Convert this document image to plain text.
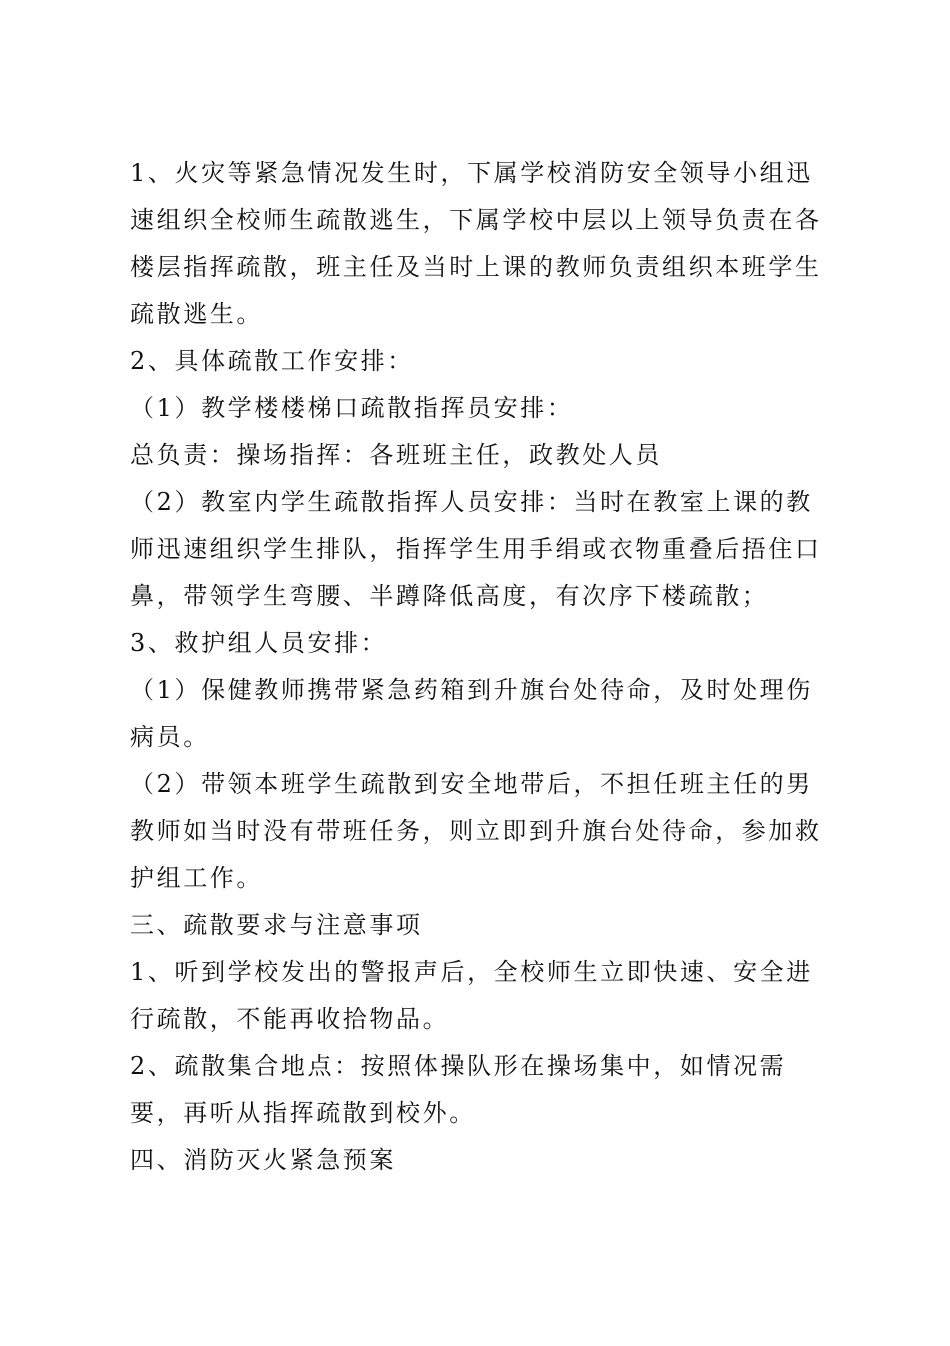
1、火灾等紧急情况发生时，下属学校消防安全领导小组迅速组织全校师生疏散逃生，下属学校中层以上领导负责在各楼层指挥疏散，班主任及当时上课的教师负责组织本班学生疏散逃生。

2、具体疏散工作安排：

（1）教学楼楼梯口疏散指挥员安排：

总负责：操场指挥：各班班主任，政教处人员

（2）教室内学生疏散指挥人员安排：当时在教室上课的教师迅速组织学生排队，指挥学生用手绢或衣物重叠后捂住口鼻，带领学生弯腰、半蹲降低高度，有次序下楼疏散；

3、救护组人员安排：

（1）保健教师携带紧急药箱到升旗台处待命，及时处理伤病员。

（2）带领本班学生疏散到安全地带后，不担任班主任的男教师如当时没有带班任务，则立即到升旗台处待命，参加救护组工作。

三、疏散要求与注意事项

1、听到学校发出的警报声后，全校师生立即快速、安全进行疏散，不能再收拾物品。

2、疏散集合地点：按照体操队形在操场集中，如情况需要，再听从指挥疏散到校外。

四、消防灭火紧急预案
